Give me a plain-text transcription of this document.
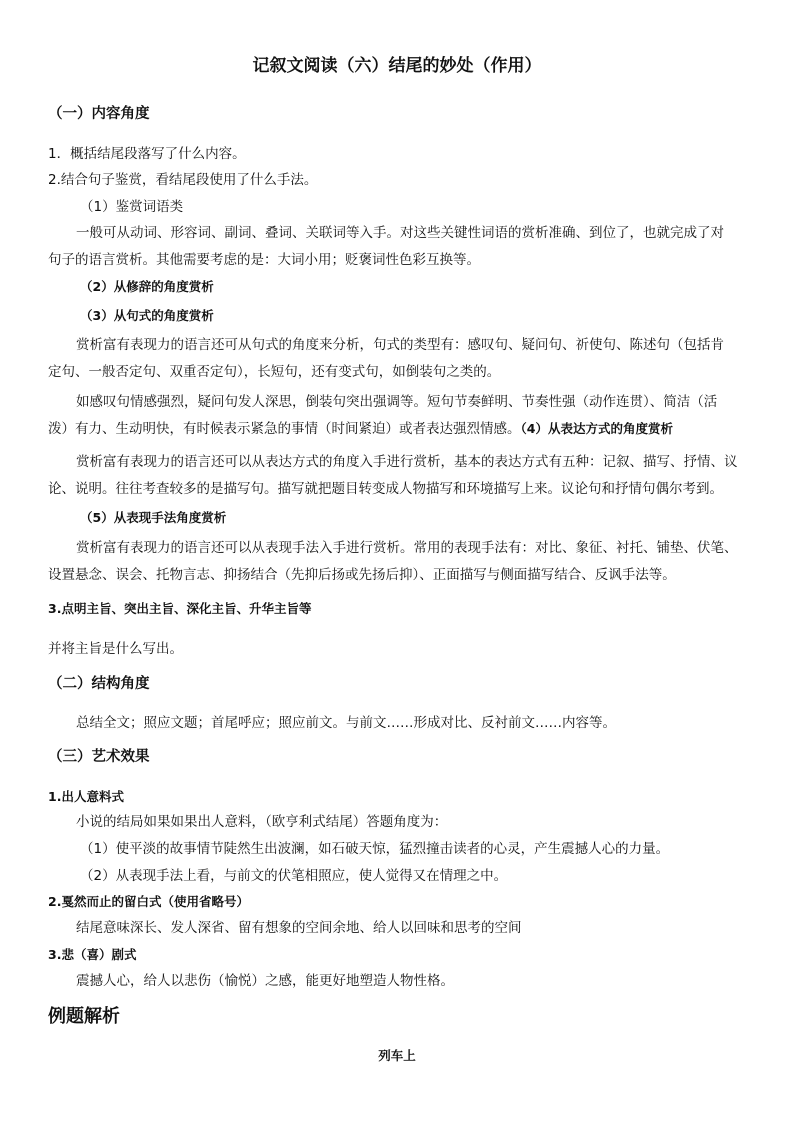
记叙文阅读（六）结尾的妙处（作用）
（一）内容角度
1．概括结尾段落写了什么内容。
2.结合句子鉴赏，看结尾段使用了什么手法。
（1）鉴赏词语类
一般可从动词、形容词、副词、叠词、关联词等入手。对这些关键性词语的赏析准确、到位了，也就完成了对
句子的语言赏析。其他需要考虑的是：大词小用；贬褒词性色彩互换等。
（2）从修辞的角度赏析
（3）从句式的角度赏析
赏析富有表现力的语言还可从句式的角度来分析，句式的类型有：感叹句、疑问句、祈使句、陈述句（包括肯
定句、一般否定句、双重否定句），长短句，还有变式句，如倒装句之类的。
如感叹句情感强烈，疑问句发人深思，倒装句突出强调等。短句节奏鲜明、节奏性强（动作连贯）、简洁（活
泼）有力、生动明快，有时候表示紧急的事情（时间紧迫）或者表达强烈情感。（4）从表达方式的角度赏析
赏析富有表现力的语言还可以从表达方式的角度入手进行赏析，基本的表达方式有五种：记叙、描写、抒情、议
论、说明。往往考查较多的是描写句。描写就把题目转变成人物描写和环境描写上来。议论句和抒情句偶尔考到。
（5）从表现手法角度赏析
赏析富有表现力的语言还可以从表现手法入手进行赏析。常用的表现手法有：对比、象征、衬托、铺垫、伏笔、
设置悬念、误会、托物言志、抑扬结合（先抑后扬或先扬后抑）、正面描写与侧面描写结合、反讽手法等。
3.点明主旨、突出主旨、深化主旨、升华主旨等
并将主旨是什么写出。
（二）结构角度
总结全文；照应文题；首尾呼应；照应前文。与前文……形成对比、反衬前文……内容等。
（三）艺术效果
1.出人意料式
小说的结局如果如果出人意料，（欧亨利式结尾）答题角度为：
（1）使平淡的故事情节陡然生出波澜，如石破天惊，猛烈撞击读者的心灵，产生震撼人心的力量。
（2）从表现手法上看，与前文的伏笔相照应，使人觉得又在情理之中。
2.戛然而止的留白式（使用省略号）
结尾意味深长、发人深省、留有想象的空间余地、给人以回味和思考的空间
3.悲（喜）剧式
震撼人心，给人以悲伤（愉悦）之感，能更好地塑造人物性格。
例题解析
列车上
